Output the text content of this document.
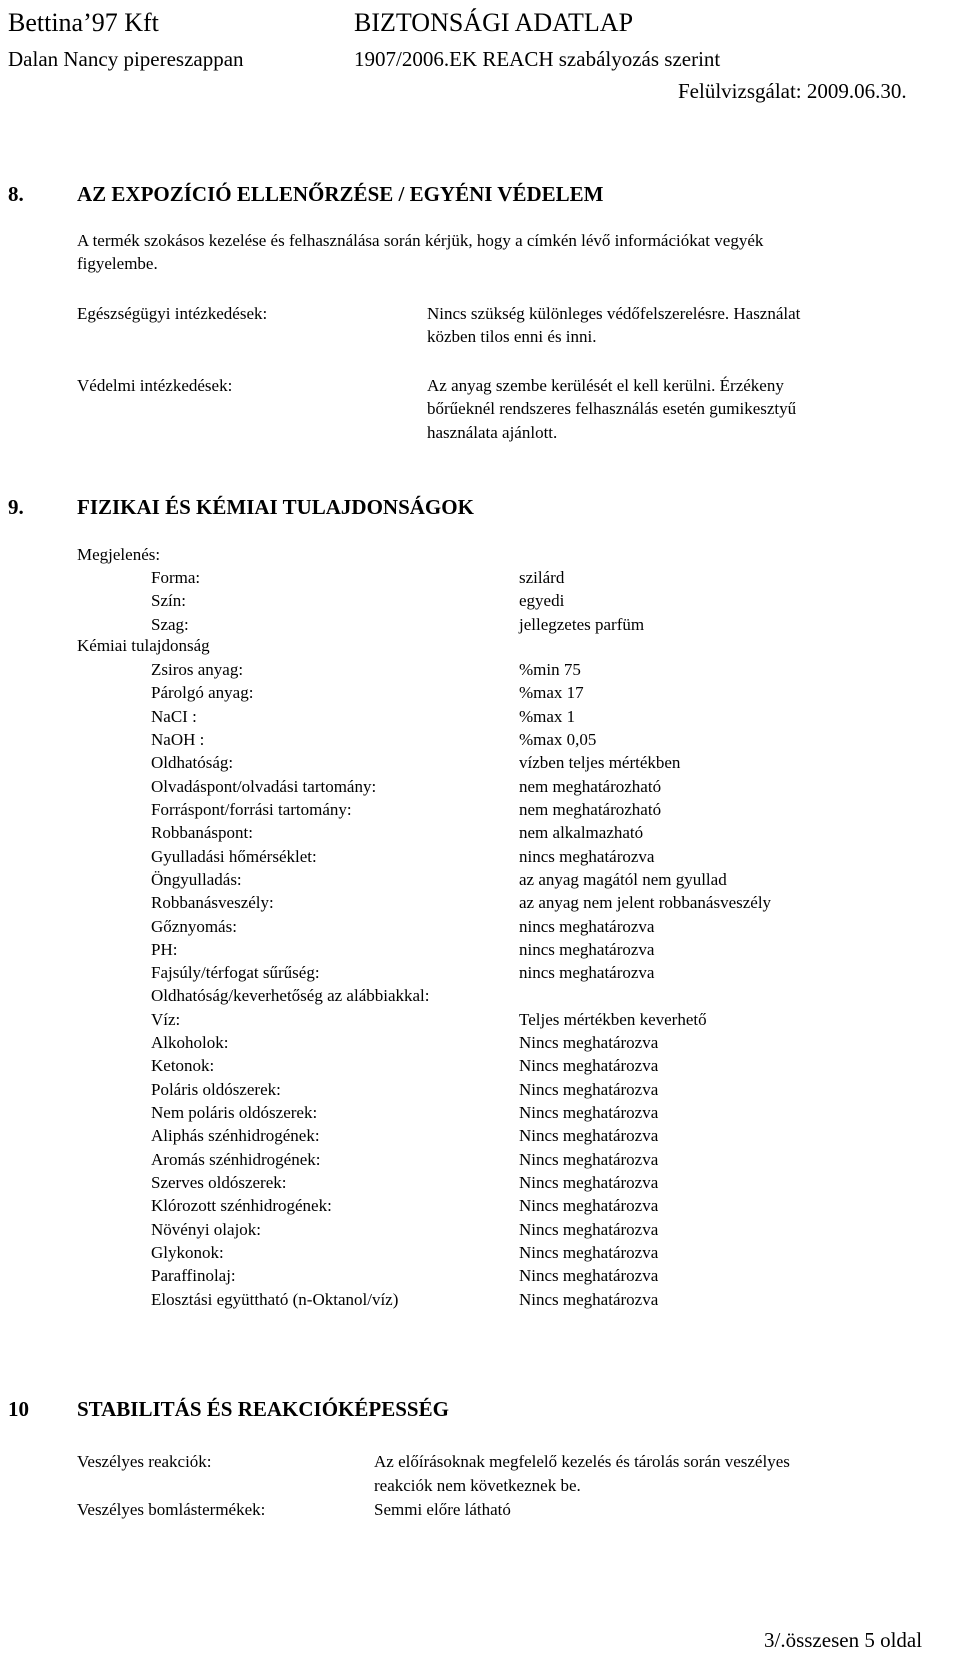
Bettina’97 Kft	BIZTONSÁGI ADATLAP
Dalan Nancy pipereszappan	1907/2006.EK REACH szabályozás szerint
Felülvizsgálat: 2009.06.30.
8.	AZ EXPOZÍCIÓ ELLENŐRZÉSE / EGYÉNI VÉDELEM
A termék szokásos kezelése és felhasználása során kérjük, hogy a címkén lévő információkat vegyék
figyelembe.
Egészségügyi intézkedések:	Nincs szükség különleges védőfelszerelésre. Használat
közben tilos enni és inni.
Védelmi intézkedések:	Az anyag szembe kerülését el kell kerülni. Érzékeny
bőrűeknél rendszeres felhasználás esetén gumikesztyű
használata ajánlott.
9.	FIZIKAI ÉS KÉMIAI TULAJDONSÁGOK
Megjelenés:
Forma:	szilárd
Szín:	egyedi
Szag:	jellegzetes parfüm
Kémiai tulajdonság
Zsiros anyag:	%min 75
Párolgó anyag:	%max 17
NaCI :	%max 1
NaOH :	%max 0,05
Oldhatóság:	vízben teljes mértékben
Olvadáspont/olvadási tartomány:	nem meghatározható
Forráspont/forrási tartomány:	nem meghatározható
Robbanáspont:	nem alkalmazható
Gyulladási hőmérséklet:	nincs meghatározva
Öngyulladás:	az anyag magától nem gyullad
Robbanásveszély:	az anyag nem jelent robbanásveszély
Gőznyomás:	nincs meghatározva
PH:	nincs meghatározva
Fajsúly/térfogat sűrűség:	nincs meghatározva
Oldhatóság/keverhetőség az alábbiakkal:
Víz:	Teljes mértékben keverhető
Alkoholok:	Nincs meghatározva
Ketonok:	Nincs meghatározva
Poláris oldószerek:	Nincs meghatározva
Nem poláris oldószerek:	Nincs meghatározva
Aliphás szénhidrogének:	Nincs meghatározva
Aromás szénhidrogének:	Nincs meghatározva
Szerves oldószerek:	Nincs meghatározva
Klórozott szénhidrogének:	Nincs meghatározva
Növényi olajok:	Nincs meghatározva
Glykonok:	Nincs meghatározva
Paraffinolaj:	Nincs meghatározva
Elosztási együttható (n-Oktanol/víz)	Nincs meghatározva
10 STABILITÁS ÉS REAKCIÓKÉPESSÉG
Veszélyes reakciók:	Az előírásoknak megfelelő kezelés és tárolás során veszélyes
reakciók nem következnek be.
Veszélyes bomlástermékek:	Semmi előre látható
3/.összesen 5 oldal
